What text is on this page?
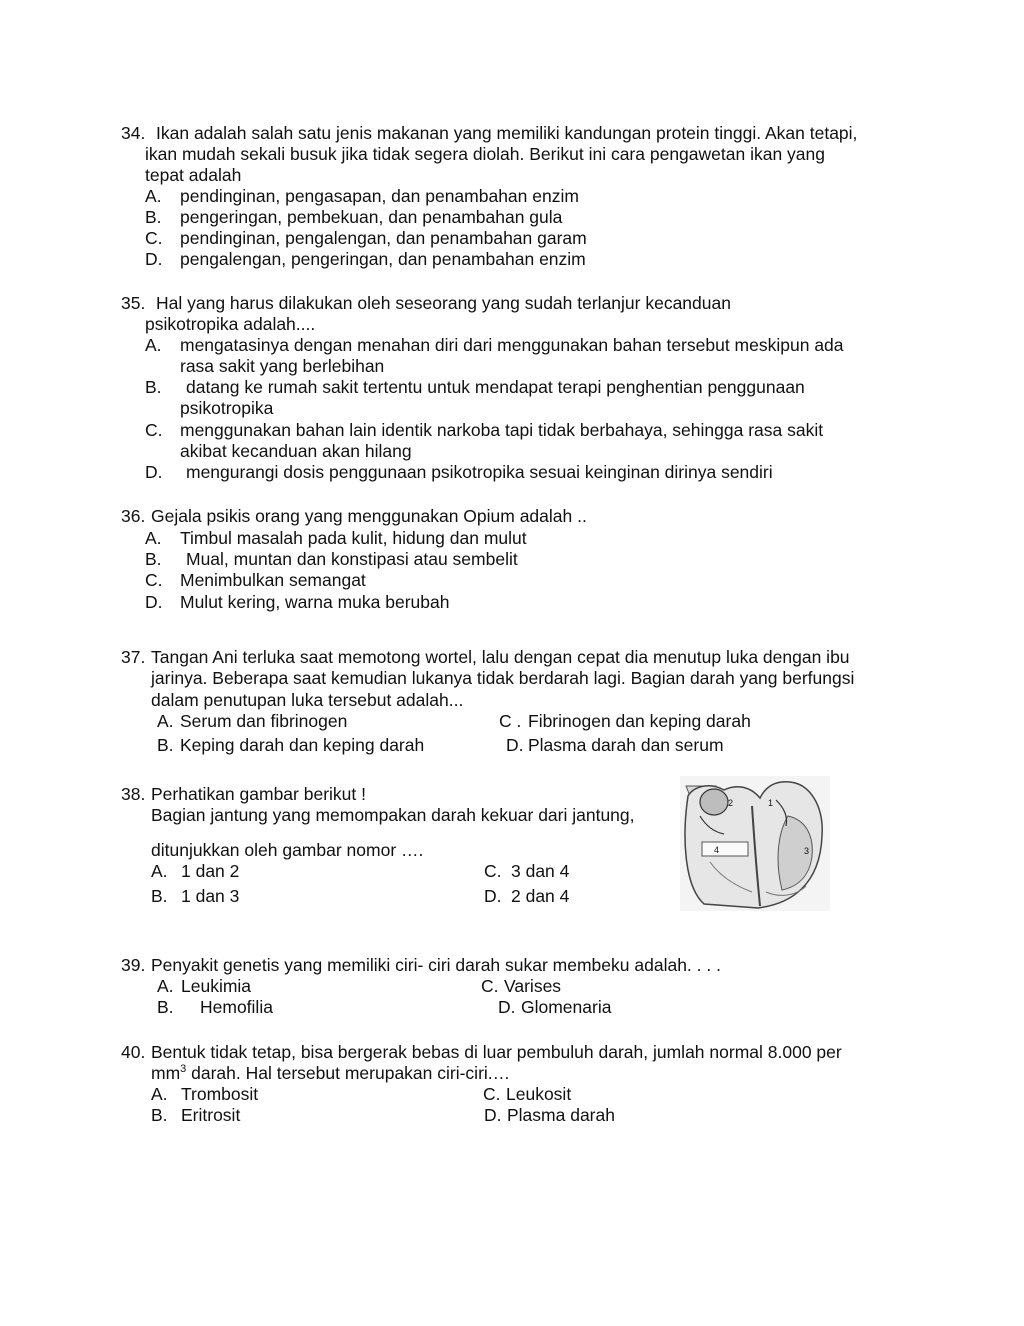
34. Ikan adalah salah satu jenis makanan yang memiliki kandungan protein tinggi. Akan tetapi,
ikan mudah sekali busuk jika tidak segera diolah. Berikut ini cara pengawetan ikan yang
tepat adalah
A. pendinginan, pengasapan, dan penambahan enzim
B. pengeringan, pembekuan, dan penambahan gula
C. pendinginan, pengalengan, dan penambahan garam
D. pengalengan, pengeringan, dan penambahan enzim
35. Hal yang harus dilakukan oleh seseorang yang sudah terlanjur kecanduan
psikotropika adalah....
A. mengatasinya dengan menahan diri dari menggunakan bahan tersebut meskipun ada
rasa sakit yang berlebihan
B. datang ke rumah sakit tertentu untuk mendapat terapi penghentian penggunaan
psikotropika
C. menggunakan bahan lain identik narkoba tapi tidak berbahaya, sehingga rasa sakit
akibat kecanduan akan hilang
D. mengurangi dosis penggunaan psikotropika sesuai keinginan dirinya sendiri
36. Gejala psikis orang yang menggunakan Opium adalah ..
A. Timbul masalah pada kulit, hidung dan mulut
B. Mual, muntan dan konstipasi atau sembelit
C. Menimbulkan semangat
D. Mulut kering, warna muka berubah
37. Tangan Ani terluka saat memotong wortel, lalu dengan cepat dia menutup luka dengan ibu
jarinya. Beberapa saat kemudian lukanya tidak berdarah lagi. Bagian darah yang berfungsi
dalam penutupan luka tersebut adalah...
A. Serum dan fibrinogen	C . Fibrinogen dan keping darah
B. Keping darah dan keping darah	D. Plasma darah dan serum
38. Perhatikan gambar berikut !
Bagian jantung yang memompakan darah kekuar dari jantung,
ditunjukkan oleh gambar nomor ….
A. 1 dan 2	C. 3 dan 4
B. 1 dan 3	D. 2 dan 4
1
2
3
4
39. Penyakit genetis yang memiliki ciri- ciri darah sukar membeku adalah. . . .
A. Leukimia	C. Varises
B. Hemofilia	D. Glomenaria
40. Bentuk tidak tetap, bisa bergerak bebas di luar pembuluh darah, jumlah normal 8.000 per
$mm^3$ darah. Hal tersebut merupakan ciri-ciri.…
A. Trombosit	C. Leukosit
B. Eritrosit	D. Plasma darah
